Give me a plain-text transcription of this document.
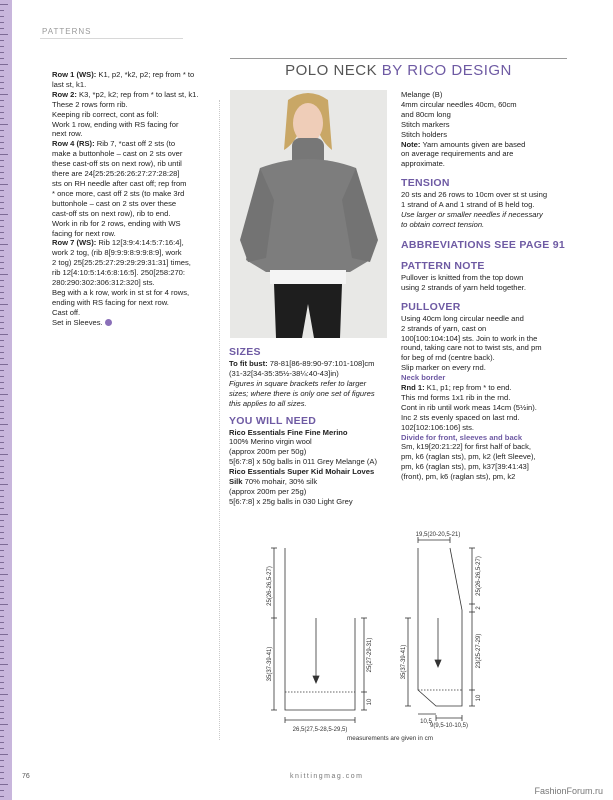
PATTERNS
POLO NECK BY RICO DESIGN

Row 1 (WS): K1, p2, *k2, p2; rep from * to

last st, k1.

Row 2: K3, *p2, k2; rep from * to last st, k1.

These 2 rows form rib.

Keeping rib correct, cont as foll:

Work 1 row, ending with RS facing for

next row.

Row 4 (RS): Rib 7, *cast off 2 sts (to

make a buttonhole – cast on 2 sts over

these cast-off sts on next row), rib until

there are 24[25:25:26:26:27:27:28:28]

sts on RH needle after cast off; rep from

* once more, cast off 2 sts (to make 3rd

buttonhole – cast on 2 sts over these

cast-off sts on next row), rib to end.

Work in rib for 2 rows, ending with WS

facing for next row.

Row 7 (WS): Rib 12[3:9:4:14:5:7:16:4],

work 2 tog, (rib 8[9:9:9:8:9:9:8:9], work

2 tog) 25[25:25:27:29:29:29:31:31] times,

rib 12[4:10:5:14:6:8:16:5]. 250[258:270:

280:290:302:306:312:320] sts.

Beg with a k row, work in st st for 4 rows,

ending with RS facing for next row.

Cast off.

Set in Sleeves.

SIZES

To fit bust: 78-81[86-89:90-97:101-108]cm

(31-32[34-35:35½-38¼:40-43]in)

Figures in square brackets refer to larger

sizes; where there is only one set of figures

this applies to all sizes.

YOU WILL NEED

Rico Essentials Fine Fine Merino

100% Merino virgin wool

(approx 200m per 50g)

5[6:7:8] x 50g balls in 011 Grey Melange (A)

Rico Essentials Super Kid Mohair Loves

Silk 70% mohair, 30% silk

(approx 200m per 25g)

5[6:7:8] x 25g balls in 030 Light Grey

Melange (B)

4mm circular needles 40cm, 60cm

and 80cm long

Stitch markers

Stitch holders

Note: Yarn amounts given are based

on average requirements and are

approximate.

TENSION

20 sts and 26 rows to 10cm over st st using

1 strand of A and 1 strand of B held tog.

Use larger or smaller needles if necessary

to obtain correct tension.

ABBREVIATIONS SEE PAGE 91
PATTERN NOTE

Pullover is knitted from the top down

using 2 strands of yarn held together.

PULLOVER

Using 40cm long circular needle and

2 strands of yarn, cast on

100[100:104:104] sts. Join to work in the

round, taking care not to twist sts, and pm

for beg of rnd (centre back).

Slip marker on every rnd.

Neck border

Rnd 1: K1, p1; rep from * to end.

This rnd forms 1x1 rib in the rnd.

Cont in rib until work meas 14cm (5½in).

Inc 2 sts evenly spaced on last rnd.

102[102:106:106] sts.

Divide for front, sleeves and back

Sm, k19[20:21:22] for first half of back,

pm, k6 (raglan sts), pm, k2 (left Sleeve),

pm, k6 (raglan sts), pm, k37[39:41:43]

(front), pm, k6 (raglan sts), pm, k2

25(26-26,5-27)
35(37-39-41)	25(27-29-31)
10
26,5(27,5-28,5-29,5)
19,5(20-20,5-21)
35(37-39-41)
25(26-26,5-27)
2
23(25-27-29)
10
10,5
9(9,5-10-10,5)
measurements are given in cm
76	knittingmag.com
FashionForum.ru
